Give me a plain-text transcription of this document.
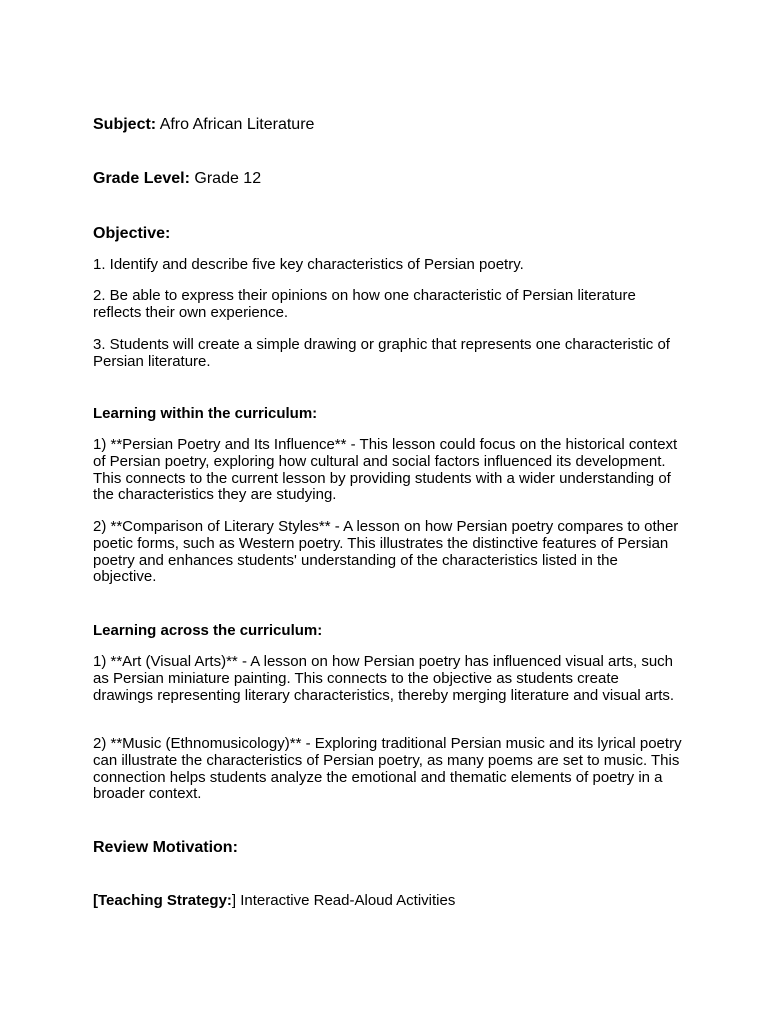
Subject: Afro African Literature

Grade Level: Grade 12

Objective:

1. Identify and describe five key characteristics of Persian poetry.

2. Be able to express their opinions on how one characteristic of Persian literature reflects their own experience.

3. Students will create a simple drawing or graphic that represents one characteristic of Persian literature.

Learning within the curriculum:

1) **Persian Poetry and Its Influence** - This lesson could focus on the historical context of Persian poetry, exploring how cultural and social factors influenced its development. This connects to the current lesson by providing students with a wider understanding of the characteristics they are studying.

2) **Comparison of Literary Styles** - A lesson on how Persian poetry compares to other poetic forms, such as Western poetry. This illustrates the distinctive features of Persian poetry and enhances students' understanding of the characteristics listed in the objective.

Learning across the curriculum:

1) **Art (Visual Arts)** - A lesson on how Persian poetry has influenced visual arts, such as Persian miniature painting. This connects to the objective as students create drawings representing literary characteristics, thereby merging literature and visual arts.

2) **Music (Ethnomusicology)** - Exploring traditional Persian music and its lyrical poetry can illustrate the characteristics of Persian poetry, as many poems are set to music. This connection helps students analyze the emotional and thematic elements of poetry in a broader context.

Review Motivation:

[Teaching Strategy:] Interactive Read-Aloud Activities
